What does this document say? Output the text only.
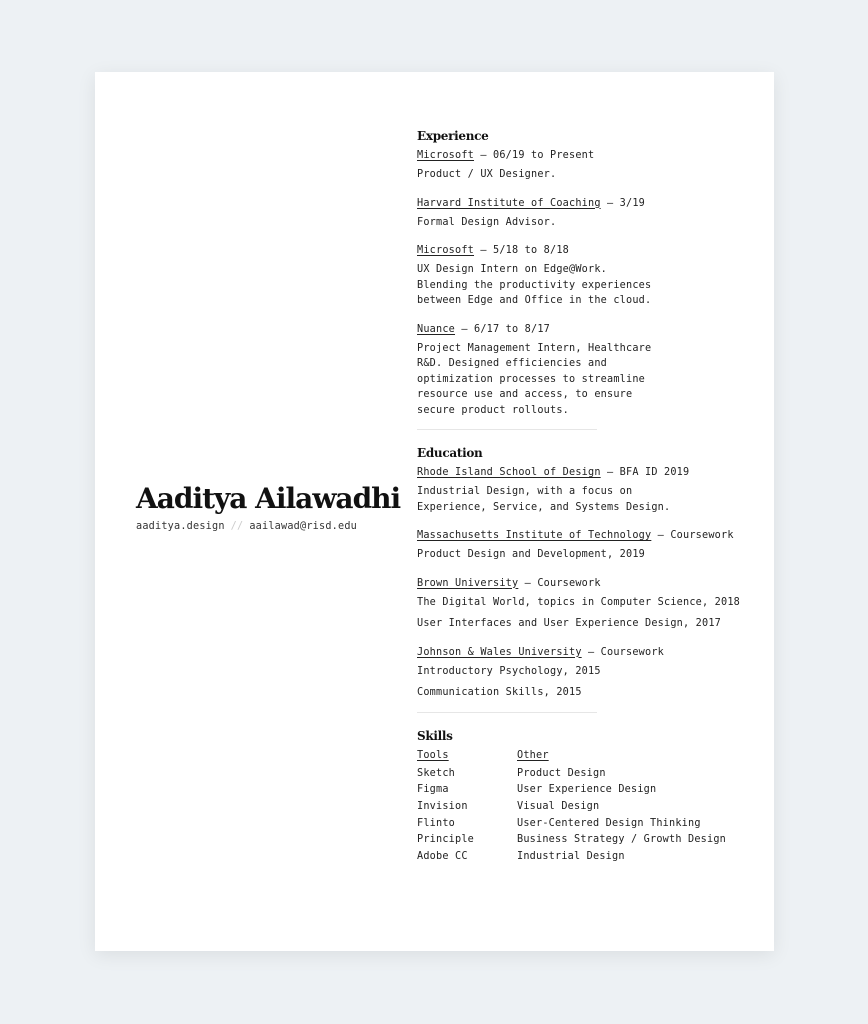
Aaditya Ailawadhi
aaditya.design // aailawad@risd.edu
Experience
Microsoft – 06/19 to Present
Product / UX Designer.
Harvard Institute of Coaching – 3/19
Formal Design Advisor.
Microsoft – 5/18 to 8/18
UX Design Intern on Edge@Work.
Blending the productivity experiences
between Edge and Office in the cloud.
Nuance – 6/17 to 8/17
Project Management Intern, Healthcare
R&D. Designed efficiencies and
optimization processes to streamline
resource use and access, to ensure
secure product rollouts.
Education
Rhode Island School of Design – BFA ID 2019
Industrial Design, with a focus on
Experience, Service, and Systems Design.
Massachusetts Institute of Technology – Coursework
Product Design and Development, 2019
Brown University – Coursework
The Digital World, topics in Computer Science, 2018
User Interfaces and User Experience Design, 2017
Johnson & Wales University – Coursework
Introductory Psychology, 2015
Communication Skills, 2015
Skills
Tools	Other
Sketch	Product Design
Figma	User Experience Design
Invision	Visual Design
Flinto	User-Centered Design Thinking
Principle	Business Strategy / Growth Design
Adobe CC	Industrial Design
